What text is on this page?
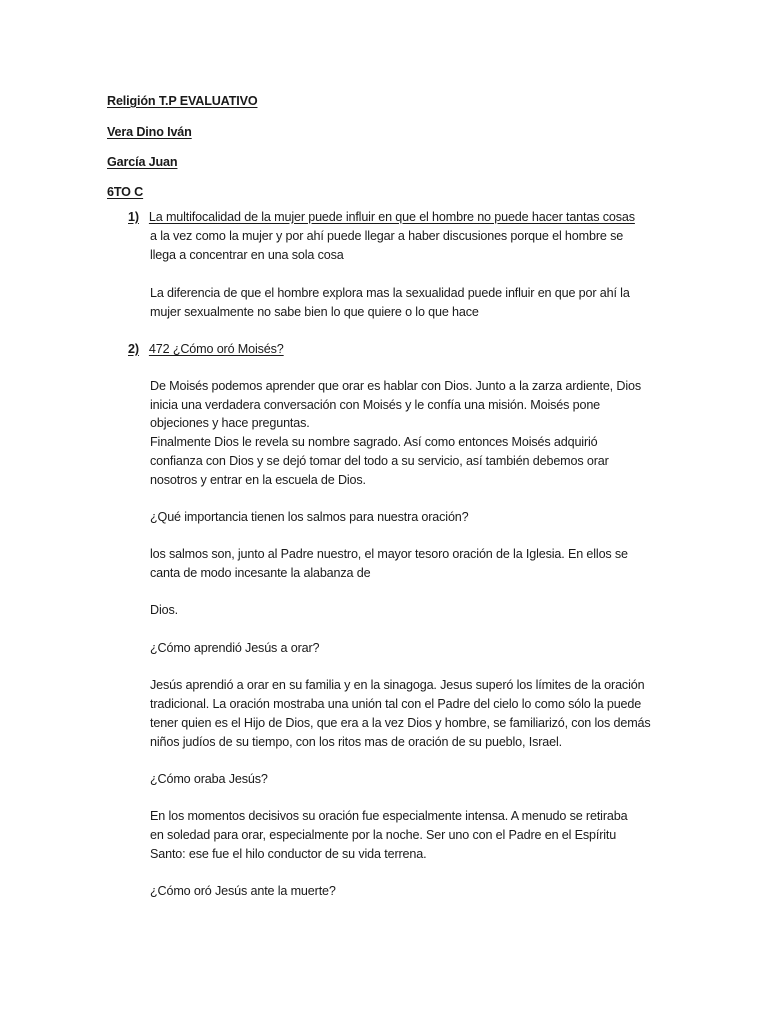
Religión T.P EVALUATIVO
Vera Dino Iván
García Juan
6TO C
1) La multifocalidad de la mujer puede influir en que el hombre no puede hacer tantas cosas
a la vez como la mujer y por ahí puede llegar a haber discusiones porque el hombre se
llega a concentrar en una sola cosa
La diferencia de que el hombre explora mas la sexualidad puede influir en que por ahí la
mujer sexualmente no sabe bien lo que quiere o lo que hace
2) 472 ¿Cómo oró Moisés?
De Moisés podemos aprender que orar es hablar con Dios. Junto a la zarza ardiente, Dios
inicia una verdadera conversación con Moisés y le confía una misión. Moisés pone
objeciones y hace preguntas.
Finalmente Dios le revela su nombre sagrado. Así como entonces Moisés adquirió
confianza con Dios y se dejó tomar del todo a su servicio, así también debemos orar
nosotros y entrar en la escuela de Dios.
¿Qué importancia tienen los salmos para nuestra oración?
los salmos son, junto al Padre nuestro, el mayor tesoro oración de la Iglesia. En ellos se
canta de modo incesante la alabanza de
Dios.
¿Cómo aprendió Jesús a orar?
Jesús aprendió a orar en su familia y en la sinagoga. Jesus superó los límites de la oración
tradicional. La oración mostraba una unión tal con el Padre del cielo lo como sólo la puede
tener quien es el Hijo de Dios, que era a la vez Dios y hombre, se familiarizó, con los demás
niños judíos de su tiempo, con los ritos mas de oración de su pueblo, Israel.
¿Cómo oraba Jesús?
En los momentos decisivos su oración fue especialmente intensa. A menudo se retiraba
en soledad para orar, especialmente por la noche. Ser uno con el Padre en el Espíritu
Santo: ese fue el hilo conductor de su vida terrena.
¿Cómo oró Jesús ante la muerte?
